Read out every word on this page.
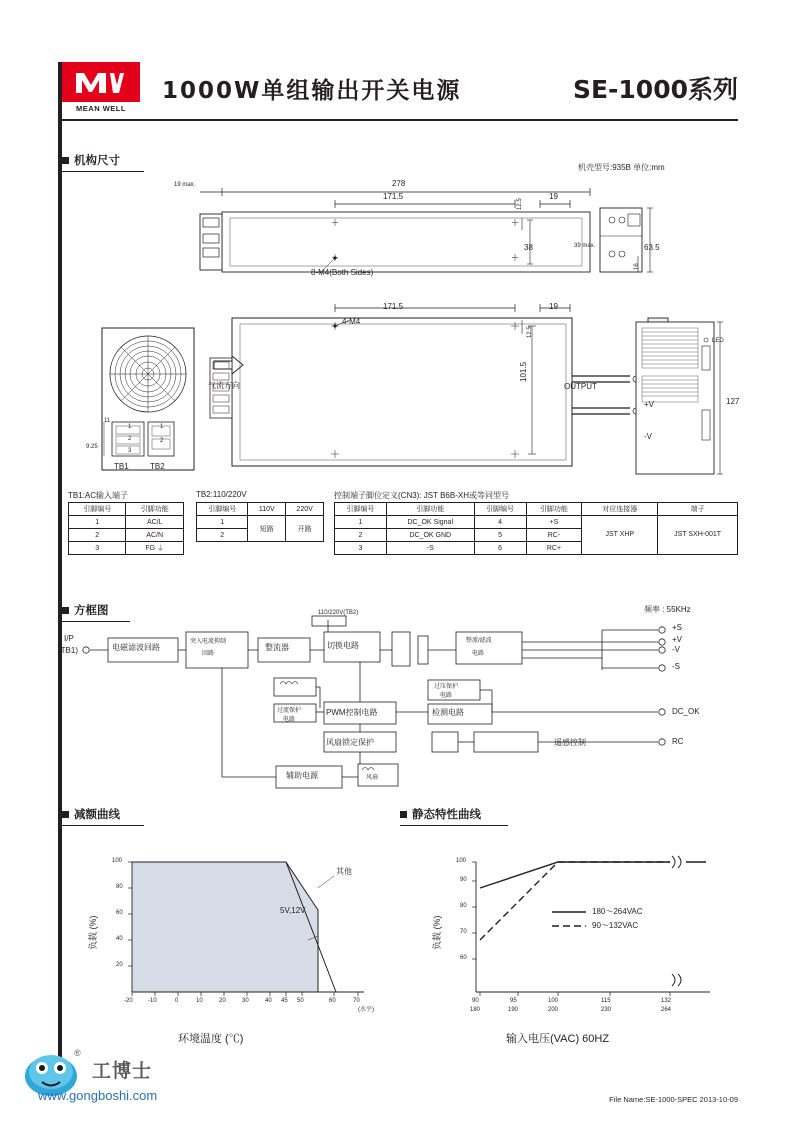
MEAN WELL
1000W单组输出开关电源	SE-1000系列
机构尺寸
机壳型号:935B 单位:mm
19 max.	278
171.5	19
12.5
38	63.5
39 max.
16
8-M4(Both Sides)
LED
127
171.5	19
12.5
101.5
4-M4
OUTPUT
+V
-V
11
9.25
3
2
1	1
2
TB1	TB2
气流方向
TB1:AC输入端子
引脚编号	引脚功能
1	AC/L
2	AC/N
3	FG ⏚
TB2:110/220V
引脚编号	110V	220V
1	短路	开路
2		
控制端子脚位定义(CN3): JST B6B-XH或等同型号
引脚编号	引脚功能	引脚编号	引脚功能	对应连接器	端子
1	DC_OK Signal	4	+S	JST XHP	JST SXH-001T
2	DC_OK GND	5	RC-		
3	-S	6	RC+		

方框图	频率 : 55KHz
I/P
(TB1)	电磁滤波回路
突入电流抑制
回路
整流器	切换电路	整流/滤波
电路
110/220V(TB2)
PWM控制电路
过压保护
电路
检测电路
过流保护
电路
风扇锁定保护
辅助电源	风扇
遥感控制
+S
+V
-V
-S
DC_OK
RC
减额曲线	静态特性曲线
100
80
60
40
20
-20	-10	0	10	20	30	40 45 50	60	70
(水平)
其他
5V,12V
负载 (%)
环境温度 (℃)
100
90
80
70
60
90
180
95
190
100
200
115
230
132
264
180～264VAC
90～132VAC
负载 (%)
输入电压(VAC) 60HZ
File Name:SE-1000-SPEC 2013-10-09
®
工博士
www.gongboshi.com
